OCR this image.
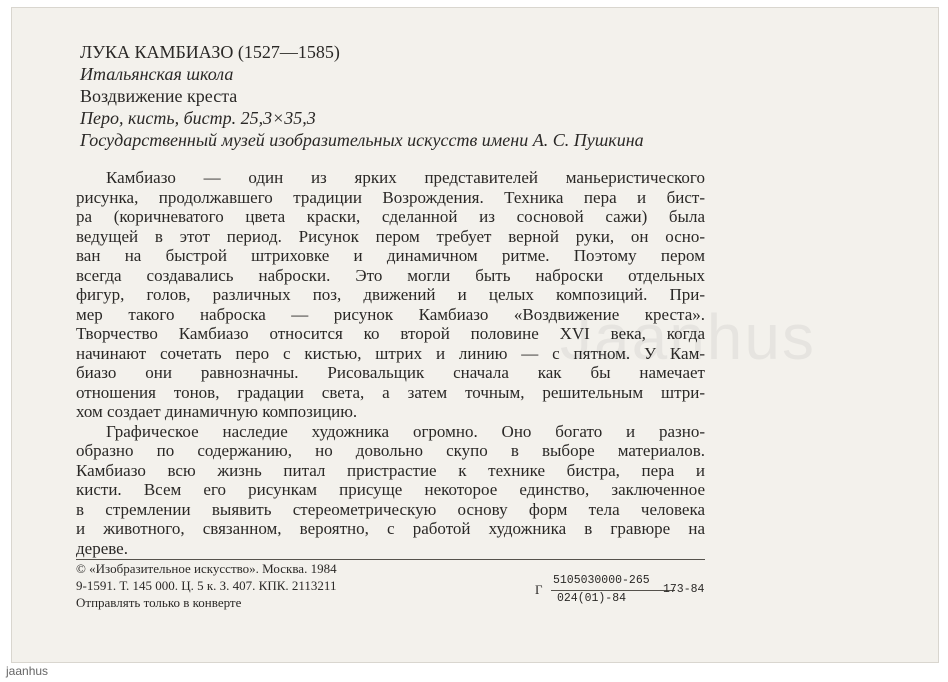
ЛУКА КАМБИАЗО (1527—1585)
Итальянская школа
Воздвижение креста
Перо, кисть, бистр. 25,3×35,3
Государственный музей изобразительных искусств имени А. С. Пушкина

Камбиазо — один из ярких представителей маньеристического

рисунка, продолжавшего традиции Возрождения. Техника пера и бист-

ра (коричневатого цвета краски, сделанной из сосновой сажи) была

ведущей в этот период. Рисунок пером требует верной руки, он осно-

ван на быстрой штриховке и динамичном ритме. Поэтому пером

всегда создавались наброски. Это могли быть наброски отдельных

фигур, голов, различных поз, движений и целых композиций. При-

мер такого наброска — рисунок Камбиазо «Воздвижение креста».

Творчество Камбиазо относится ко второй половине XVI века, когда

начинают сочетать перо с кистью, штрих и линию — с пятном. У Кам-

биазо они равнозначны. Рисовальщик сначала как бы намечает

отношения тонов, градации света, а затем точным, решительным штри-

хом создает динамичную композицию.

Графическое наследие художника огромно. Оно богато и разно-

образно по содержанию, но довольно скупо в выборе материалов.

Камбиазо всю жизнь питал пристрастие к технике бистра, пера и

кисти. Всем его рисункам присуще некоторое единство, заключенное

в стремлении выявить стереометрическую основу форм тела человека

и животного, связанном, вероятно, с работой художника в гравюре на

дереве.

© «Изобразительное искусство». Москва. 1984
9-1591. Т. 145 000. Ц. 5 к. З. 407. КПК. 2113211
Отправлять только в конверте
Г
5105030000-265
024(01)-84
173-84
Jaanhus
jaanhus
